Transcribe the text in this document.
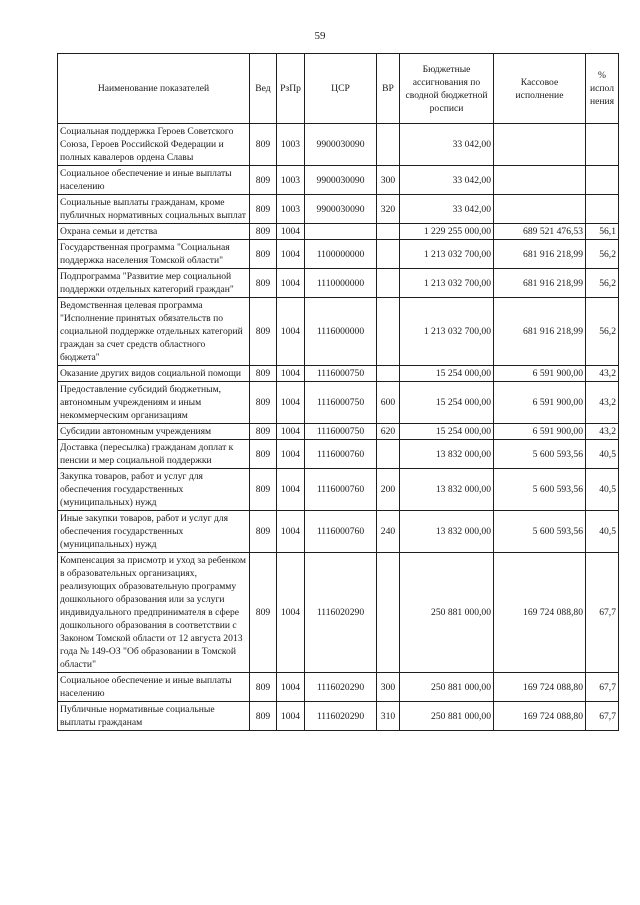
59
Наименование показателей	Вед	РзПр	ЦСР	ВР	Бюджетные ассигнования по сводной бюджетной росписи	Кассовое исполнение	% испол нения
Социальная поддержка Героев Советского Союза, Героев Российской Федерации и полных кавалеров ордена Славы	809	1003	9900030090		33 042,00		
Социальное обеспечение и иные выплаты населению	809	1003	9900030090	300	33 042,00		
Социальные выплаты гражданам, кроме публичных нормативных социальных выплат	809	1003	9900030090	320	33 042,00		
Охрана семьи и детства	809	1004			1 229 255 000,00	689 521 476,53	56,1
Государственная программа "Социальная поддержка населения Томской области"	809	1004	1100000000		1 213 032 700,00	681 916 218,99	56,2
Подпрограмма "Развитие мер социальной поддержки отдельных категорий граждан"	809	1004	1110000000		1 213 032 700,00	681 916 218,99	56,2
Ведомственная целевая программа "Исполнение принятых обязательств по социальной поддержке отдельных категорий граждан за счет средств областного бюджета"	809	1004	1116000000		1 213 032 700,00	681 916 218,99	56,2
Оказание других видов социальной помощи	809	1004	1116000750		15 254 000,00	6 591 900,00	43,2
Предоставление субсидий бюджетным, автономным учреждениям и иным некоммерческим организациям	809	1004	1116000750	600	15 254 000,00	6 591 900,00	43,2
Субсидии автономным учреждениям	809	1004	1116000750	620	15 254 000,00	6 591 900,00	43,2
Доставка (пересылка) гражданам доплат к пенсии и мер социальной поддержки	809	1004	1116000760		13 832 000,00	5 600 593,56	40,5
Закупка товаров, работ и услуг для обеспечения государственных (муниципальных) нужд	809	1004	1116000760	200	13 832 000,00	5 600 593,56	40,5
Иные закупки товаров, работ и услуг для обеспечения государственных (муниципальных) нужд	809	1004	1116000760	240	13 832 000,00	5 600 593,56	40,5
Компенсация за присмотр и уход за ребенком в образовательных организациях, реализующих образовательную программу дошкольного образования или за услуги индивидуального предпринимателя в сфере дошкольного образования в соответствии с Законом Томской области от 12 августа 2013 года № 149-ОЗ "Об образовании в Томской области"	809	1004	1116020290		250 881 000,00	169 724 088,80	67,7
Социальное обеспечение и иные выплаты населению	809	1004	1116020290	300	250 881 000,00	169 724 088,80	67,7
Публичные нормативные социальные выплаты гражданам	809	1004	1116020290	310	250 881 000,00	169 724 088,80	67,7
